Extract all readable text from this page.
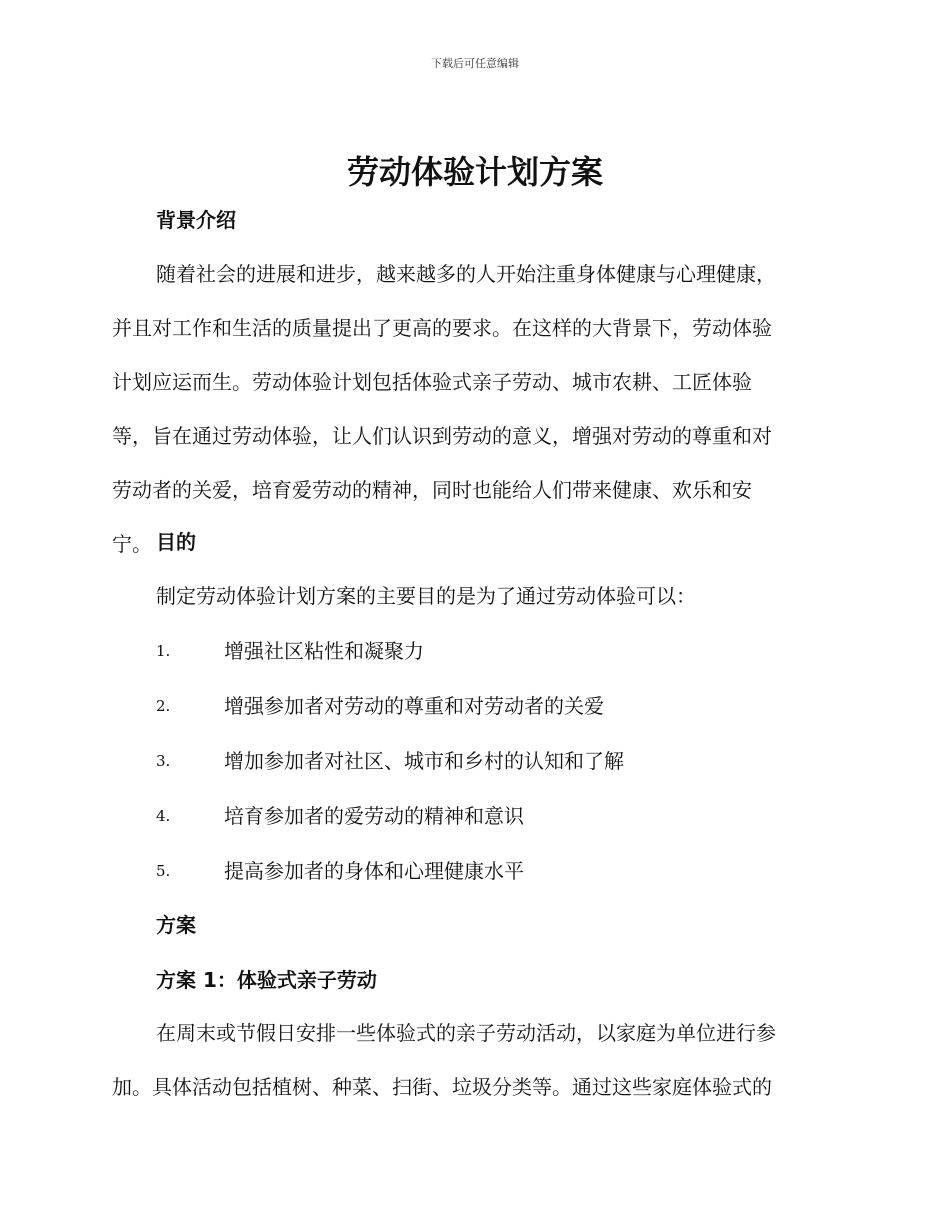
下载后可任意编辑
劳动体验计划方案
背景介绍

随着社会的进展和进步，越来越多的人开始注重身体健康与心理健康，

并且对工作和生活的质量提出了更高的要求。在这样的大背景下，劳动体验

计划应运而生。劳动体验计划包括体验式亲子劳动、城市农耕、工匠体验

等，旨在通过劳动体验，让人们认识到劳动的意义，增强对劳动的尊重和对

劳动者的关爱，培育爱劳动的精神，同时也能给人们带来健康、欢乐和安

宁。 目的

制定劳动体验计划方案的主要目的是为了通过劳动体验可以：

1.	增强社区粘性和凝聚力
2.	增强参加者对劳动的尊重和对劳动者的关爱
3.	增加参加者对社区、城市和乡村的认知和了解
4.	培育参加者的爱劳动的精神和意识
5.	提高参加者的身体和心理健康水平
方案
方案 1：体验式亲子劳动

在周末或节假日安排一些体验式的亲子劳动活动，以家庭为单位进行参

加。具体活动包括植树、种菜、扫街、垃圾分类等。通过这些家庭体验式的
